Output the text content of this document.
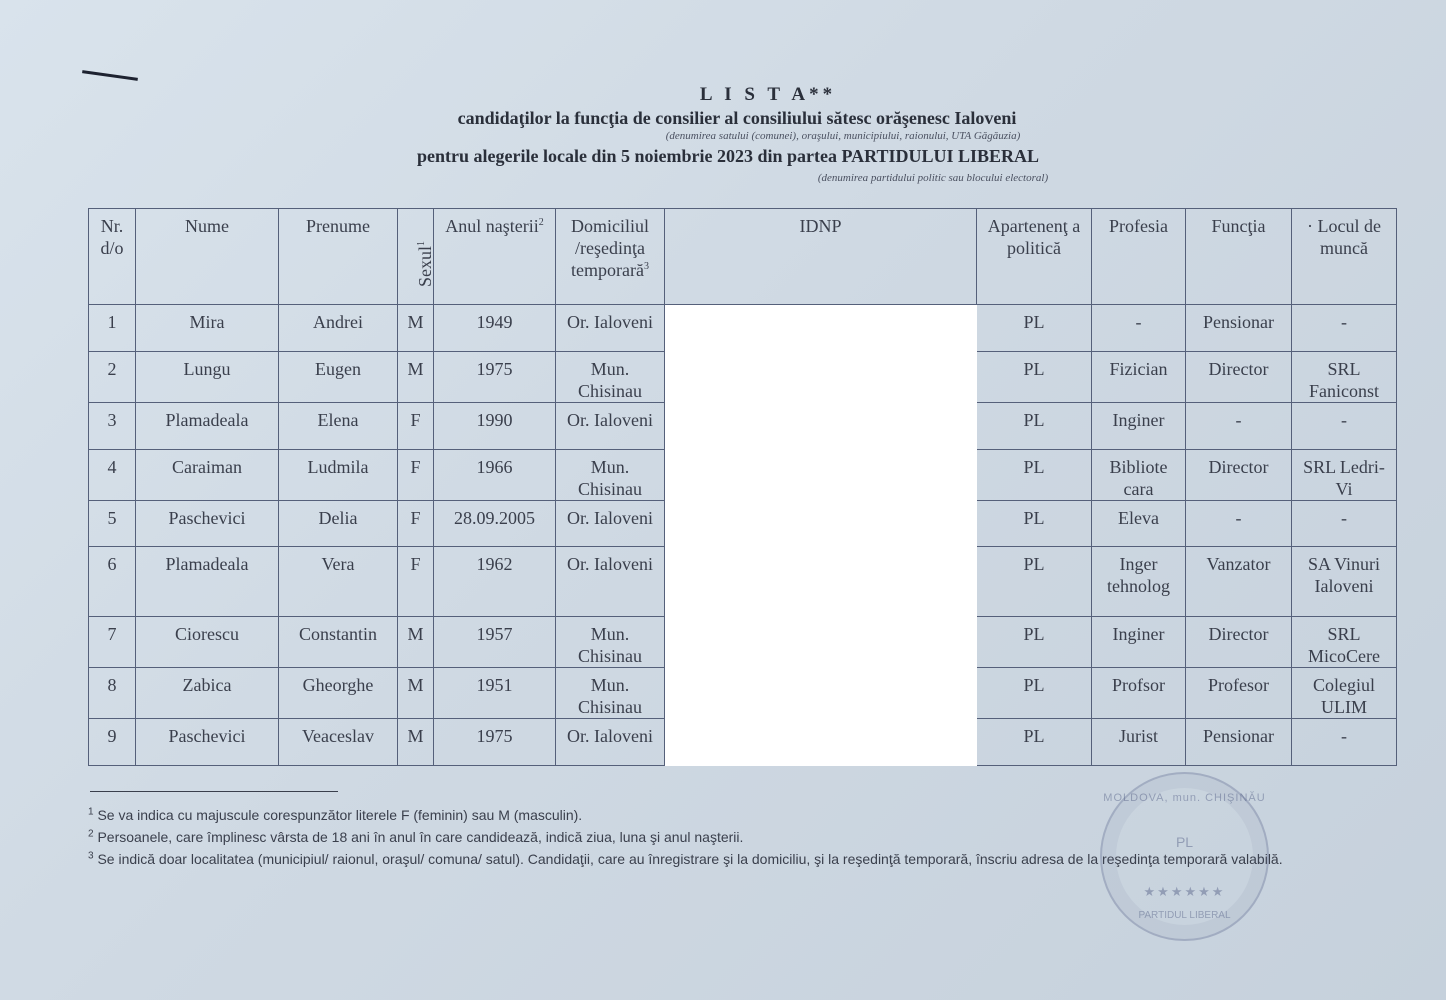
L I S T A**
candidaţilor la funcţia de consilier al consiliului sătesc orăşenesc Ialoveni
(denumirea satului (comunei), oraşului, municipiului, raionului, UTA Găgăuzia)
pentru alegerile locale din 5 noiembrie 2023 din partea PARTIDULUI LIBERAL
(denumirea partidului politic sau blocului electoral)
Nr. d/o	Nume	Prenume	Sexul$^1$	Anul naşterii$^2$	Domiciliul /reşedinţa temporară$^3$	IDNP	Apartenenţ a politică	Profesia	Funcţia	· Locul de muncă
1	Mira	Andrei	M	1949	Or. Ialoveni		PL	-	Pensionar	-
2	Lungu	Eugen	M	1975	Mun. Chisinau		PL	Fizician	Director	SRL Faniconst
3	Plamadeala	Elena	F	1990	Or. Ialoveni		PL	Inginer	-	-
4	Caraiman	Ludmila	F	1966	Mun. Chisinau		PL	Bibliote cara	Director	SRL Ledri-Vi
5	Paschevici	Delia	F	28.09.2005	Or. Ialoveni		PL	Eleva	-	-
6	Plamadeala	Vera	F	1962	Or. Ialoveni		PL	Inger tehnolog	Vanzator	SA Vinuri Ialoveni
7	Ciorescu	Constantin	M	1957	Mun. Chisinau		PL	Inginer	Director	SRL MicoCere
8	Zabica	Gheorghe	M	1951	Mun. Chisinau		PL	Profsor	Profesor	Colegiul ULIM
9	Paschevici	Veaceslav	M	1975	Or. Ialoveni		PL	Jurist	Pensionar	-
$^1$ Se va indica cu majuscule corespunzător literele F (feminin) sau M (masculin).
$^2$ Persoanele, care împlinesc vârsta de 18 ani în anul în care candidează, indică ziua, luna şi anul naşterii.
$^3$ Se indică doar localitatea (municipiul/ raionul, oraşul/ comuna/ satul). Candidaţii, care au înregistrare şi la domiciliu, şi la reşedinţă temporară, înscriu adresa de la reşedinţa temporară valabilă.
MOLDOVA, mun. CHIŞINĂU
PL
★★★★★★
PARTIDUL LIBERAL
